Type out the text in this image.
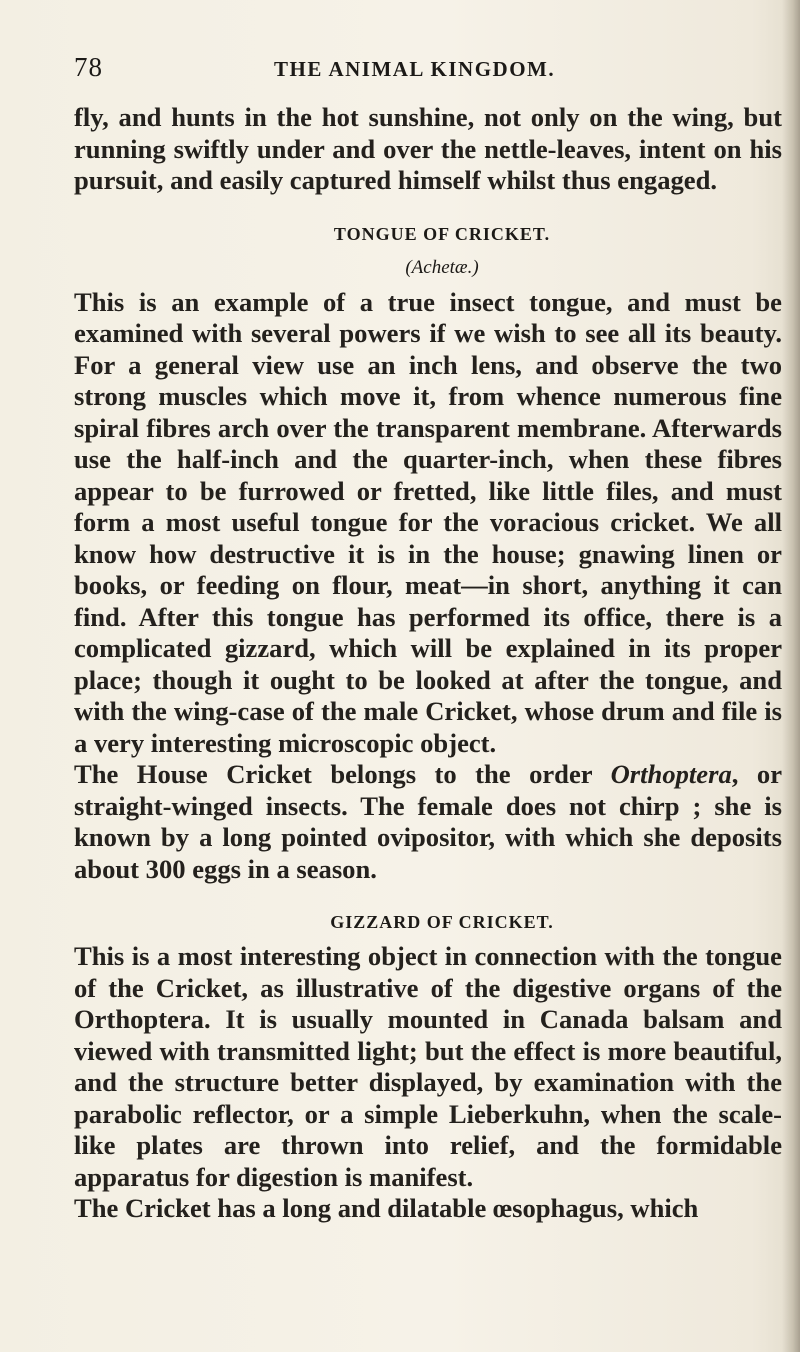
78	THE ANIMAL KINGDOM.

fly, and hunts in the hot sunshine, not only on the wing, but running swiftly under and over the nettle-leaves, intent on his pursuit, and easily captured himself whilst thus engaged.

TONGUE OF CRICKET.
(Achetæ.)

This is an example of a true insect tongue, and must be examined with several powers if we wish to see all its beauty. For a general view use an inch lens, and observe the two strong muscles which move it, from whence numerous fine spiral fibres arch over the transparent membrane. Afterwards use the half-inch and the quarter-inch, when these fibres appear to be furrowed or fretted, like little files, and must form a most useful tongue for the voracious cricket. We all know how destructive it is in the house; gnawing linen or books, or feeding on flour, meat—in short, anything it can find. After this tongue has performed its office, there is a complicated gizzard, which will be explained in its proper place; though it ought to be looked at after the tongue, and with the wing-case of the male Cricket, whose drum and file is a very interesting microscopic object.

The House Cricket belongs to the order Orthoptera, or straight-winged insects. The female does not chirp ; she is known by a long pointed ovipositor, with which she deposits about 300 eggs in a season.

GIZZARD OF CRICKET.

This is a most interesting object in connection with the tongue of the Cricket, as illustrative of the digestive organs of the Orthoptera. It is usually mounted in Canada balsam and viewed with transmitted light; but the effect is more beautiful, and the structure better displayed, by examination with the parabolic reflector, or a simple Lieberkuhn, when the scale-like plates are thrown into relief, and the formidable apparatus for digestion is manifest.

The Cricket has a long and dilatable œsophagus, which
